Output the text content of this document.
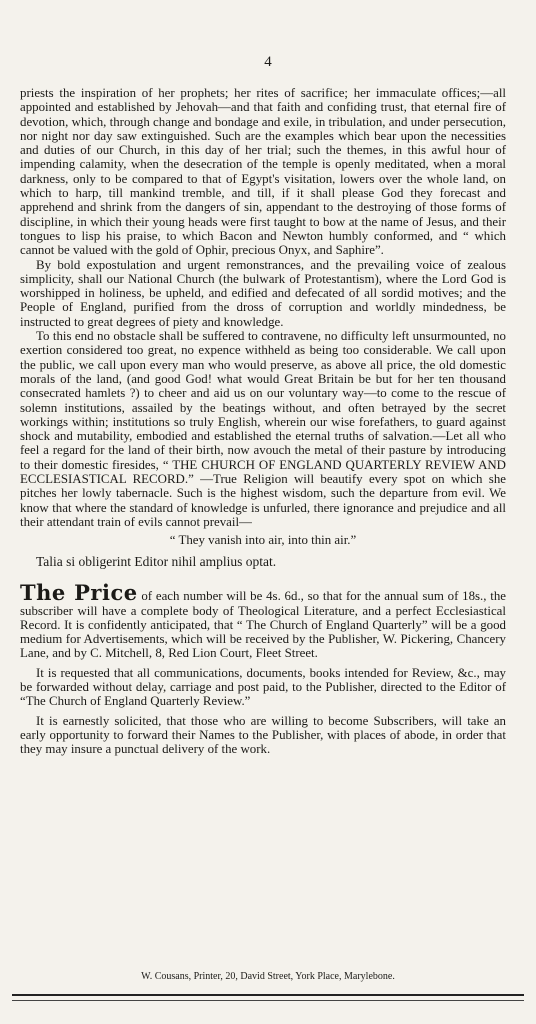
4

priests the inspiration of her prophets; her rites of sacrifice; her immaculate offices;—all appointed and established by Jehovah—and that faith and confiding trust, that eternal fire of devotion, which, through change and bondage and exile, in tribulation, and under persecution, nor night nor day saw extinguished. Such are the examples which bear upon the necessities and duties of our Church, in this day of her trial; such the themes, in this awful hour of impending calamity, when the desecration of the temple is openly meditated, when a moral darkness, only to be compared to that of Egypt's visitation, lowers over the whole land, on which to harp, till mankind tremble, and till, if it shall please God they forecast and apprehend and shrink from the dangers of sin, appendant to the destroying of those forms of discipline, in which their young heads were first taught to bow at the name of Jesus, and their tongues to lisp his praise, to which Bacon and Newton humbly conformed, and “ which cannot be valued with the gold of Ophir, precious Onyx, and Saphire”.

By bold expostulation and urgent remonstrances, and the prevailing voice of zealous simplicity, shall our National Church (the bulwark of Protestantism), where the Lord God is worshipped in holiness, be upheld, and edified and defecated of all sordid motives; and the People of England, purified from the dross of corruption and worldly mindedness, be instructed to great degrees of piety and knowledge.

To this end no obstacle shall be suffered to contravene, no difficulty left unsurmounted, no exertion considered too great, no expence withheld as being too considerable. We call upon the public, we call upon every man who would preserve, as above all price, the old domestic morals of the land, (and good God! what would Great Britain be but for her ten thousand consecrated hamlets ?) to cheer and aid us on our voluntary way—to come to the rescue of solemn institutions, assailed by the beatings without, and often betrayed by the secret workings within; institutions so truly English, wherein our wise forefathers, to guard against shock and mutability, embodied and established the eternal truths of salvation.—Let all who feel a regard for the land of their birth, now avouch the metal of their pasture by introducing to their domestic firesides, “ THE CHURCH OF ENGLAND QUARTERLY REVIEW AND ECCLESIASTICAL RECORD.” —True Religion will beautify every spot on which she pitches her lowly tabernacle. Such is the highest wisdom, such the departure from evil. We know that where the standard of knowledge is unfurled, there ignorance and prejudice and all their attendant train of evils cannot prevail—

“ They vanish into air, into thin air.”

Talia si obligerint Editor nihil amplius optat.

The Price of each number will be 4s. 6d., so that for the annual sum of 18s., the subscriber will have a complete body of Theological Literature, and a perfect Ecclesiastical Record. It is confidently anticipated, that “ The Church of England Quarterly” will be a good medium for Advertisements, which will be received by the Publisher, W. Pickering, Chancery Lane, and by C. Mitchell, 8, Red Lion Court, Fleet Street.

It is requested that all communications, documents, books intended for Review, &c., may be forwarded without delay, carriage and post paid, to the Publisher, directed to the Editor of “The Church of England Quarterly Review.”

It is earnestly solicited, that those who are willing to become Subscribers, will take an early opportunity to forward their Names to the Publisher, with places of abode, in order that they may insure a punctual delivery of the work.

W. Cousans, Printer, 20, David Street, York Place, Marylebone.
